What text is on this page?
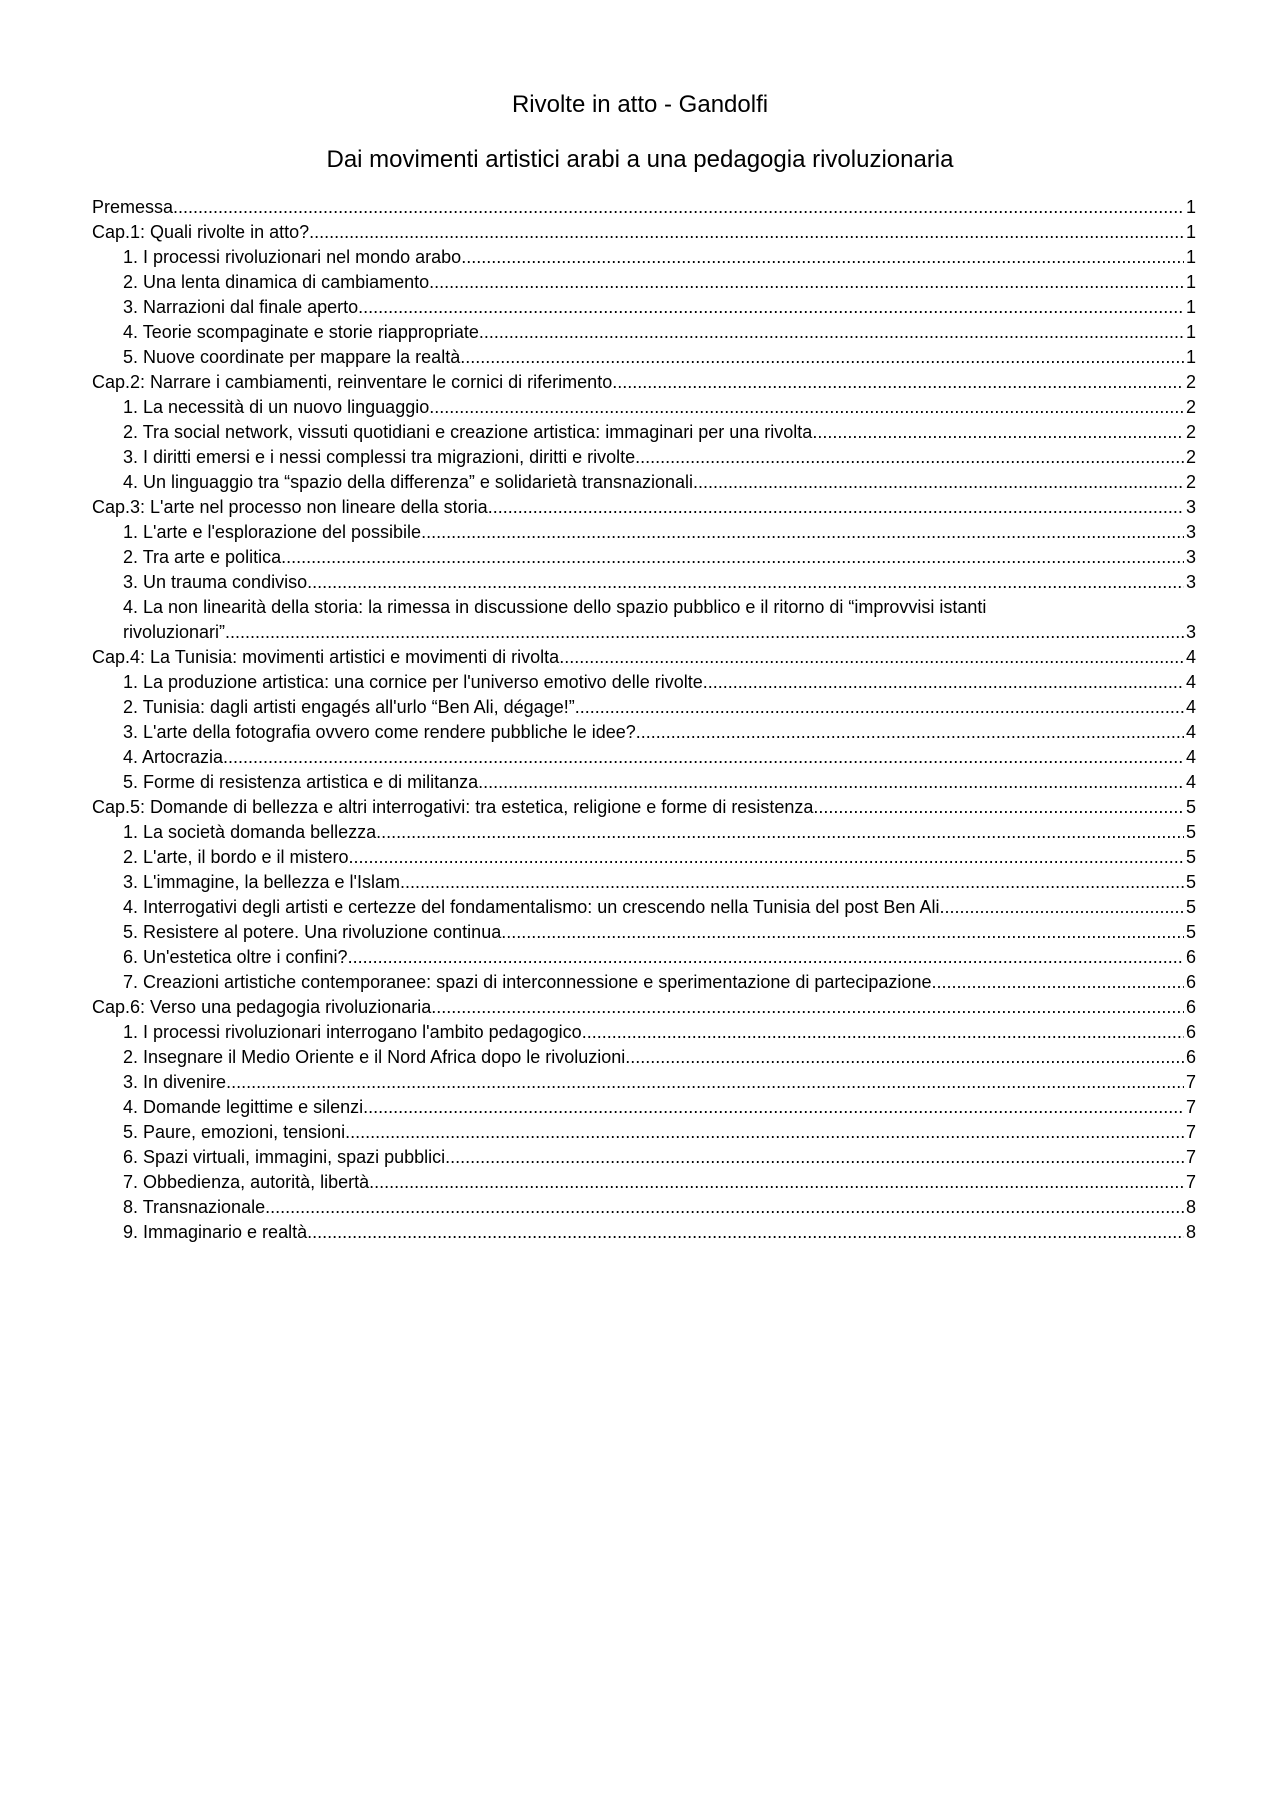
Rivolte in atto - Gandolfi
Dai movimenti artistici arabi a una pedagogia rivoluzionaria
Premessa .....	1
Cap.1: Quali rivolte in atto? .....	1
1. I processi rivoluzionari nel mondo arabo .....	1
2. Una lenta dinamica di cambiamento .....	1
3. Narrazioni dal finale aperto .....	1
4. Teorie scompaginate e storie riappropriate .....	1
5. Nuove coordinate per mappare la realtà .....	1
Cap.2: Narrare i cambiamenti, reinventare le cornici di riferimento .....	2
1. La necessità di un nuovo linguaggio .....	2
2. Tra social network, vissuti quotidiani e creazione artistica: immaginari per una rivolta .....	2
3. I diritti emersi e i nessi complessi tra migrazioni, diritti e rivolte .....	2
4. Un linguaggio tra “spazio della differenza” e solidarietà transnazionali .....	2
Cap.3: L'arte nel processo non lineare della storia .....	3
1. L'arte e l'esplorazione del possibile .....	3
2. Tra arte e politica .....	3
3. Un trauma condiviso .....	3
4. La non linearità della storia: la rimessa in discussione dello spazio pubblico e il ritorno di “improvvisi istanti
rivoluzionari” .....	3
Cap.4: La Tunisia: movimenti artistici e movimenti di rivolta .....	4
1. La produzione artistica: una cornice per l'universo emotivo delle rivolte .....	4
2. Tunisia: dagli artisti engagés all'urlo “Ben Ali, dégage!” .....	4
3. L'arte della fotografia ovvero come rendere pubbliche le idee? .....	4
4. Artocrazia .....	4
5. Forme di resistenza artistica e di militanza .....	4
Cap.5: Domande di bellezza e altri interrogativi: tra estetica, religione e forme di resistenza .....	5
1. La società domanda bellezza .....	5
2. L'arte, il bordo e il mistero .....	5
3. L'immagine, la bellezza e l'Islam .....	5
4. Interrogativi degli artisti e certezze del fondamentalismo: un crescendo nella Tunisia del post Ben Ali .....	5
5. Resistere al potere. Una rivoluzione continua .....	5
6. Un'estetica oltre i confini? .....	6
7. Creazioni artistiche contemporanee: spazi di interconnessione e sperimentazione di partecipazione .....	6
Cap.6: Verso una pedagogia rivoluzionaria .....	6
1. I processi rivoluzionari interrogano l'ambito pedagogico .....	6
2. Insegnare il Medio Oriente e il Nord Africa dopo le rivoluzioni .....	6
3. In divenire .....	7
4. Domande legittime e silenzi .....	7
5. Paure, emozioni, tensioni .....	7
6. Spazi virtuali, immagini, spazi pubblici .....	7
7. Obbedienza, autorità, libertà .....	7
8. Transnazionale .....	8
9. Immaginario e realtà .....	8
